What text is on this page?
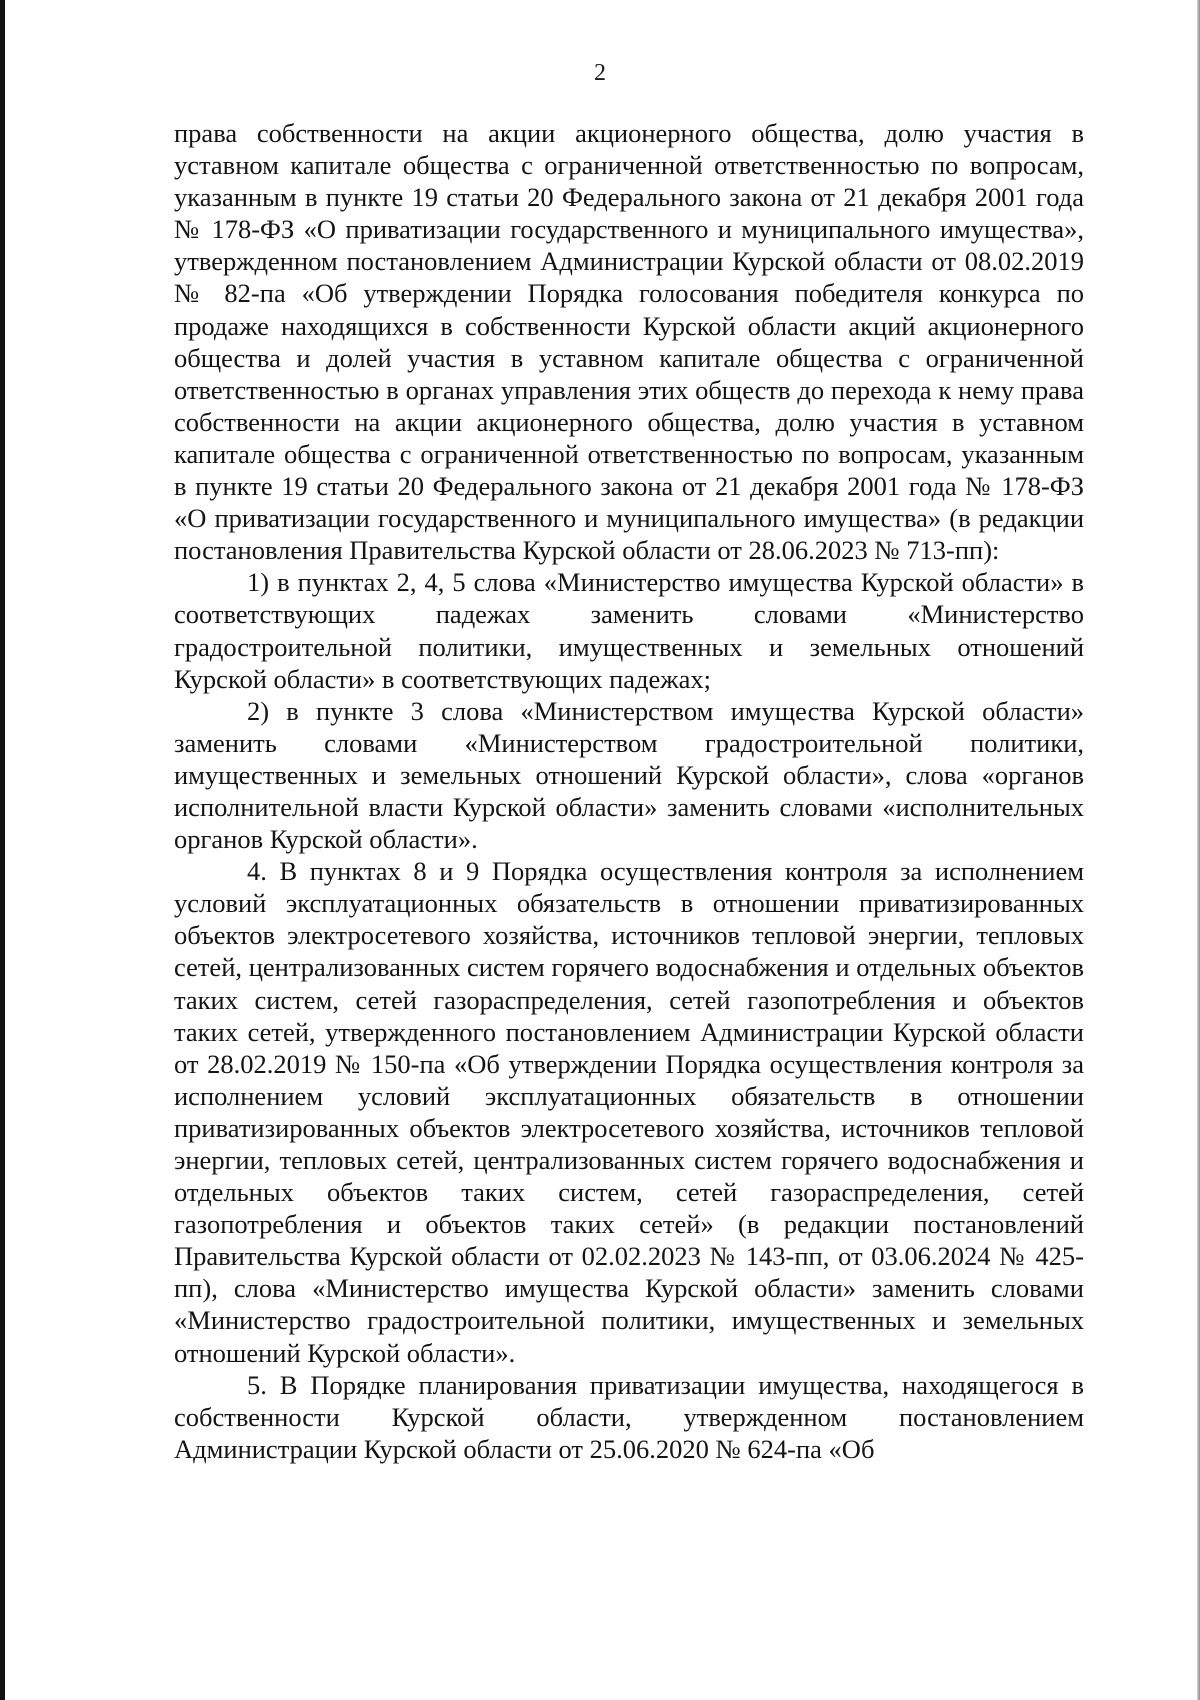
2

права собственности на акции акционерного общества, долю участия в уставном капитале общества с ограниченной ответственностью по вопросам, указанным в пункте 19 статьи 20 Федерального закона от 21 декабря 2001 года № 178-ФЗ «О приватизации государственного и муниципального имущества», утвержденном постановлением Администрации Курской области от 08.02.2019 № 82-па «Об утверждении Порядка голосования победителя конкурса по продаже находящихся в собственности Курской области акций акционерного общества и долей участия в уставном капитале общества с ограниченной ответственностью в органах управления этих обществ до перехода к нему права собственности на акции акционерного общества, долю участия в уставном капитале общества с ограниченной ответственностью по вопросам, указанным в пункте 19 статьи 20 Федерального закона от 21 декабря 2001 года № 178-ФЗ «О приватизации государственного и муниципального имущества» (в редакции постановления Правительства Курской области от 28.06.2023 № 713-пп):

1) в пунктах 2, 4, 5 слова «Министерство имущества Курской области» в соответствующих падежах заменить словами «Министерство градостроительной политики, имущественных и земельных отношений Курской области» в соответствующих падежах;

2) в пункте 3 слова «Министерством имущества Курской области» заменить словами «Министерством градостроительной политики, имущественных и земельных отношений Курской области», слова «органов исполнительной власти Курской области» заменить словами «исполнительных органов Курской области».

4. В пунктах 8 и 9 Порядка осуществления контроля за исполнением условий эксплуатационных обязательств в отношении приватизированных объектов электросетевого хозяйства, источников тепловой энергии, тепловых сетей, централизованных систем горячего водоснабжения и отдельных объектов таких систем, сетей газораспределения, сетей газопотребления и объектов таких сетей, утвержденного постановлением Администрации Курской области от 28.02.2019 № 150-па «Об утверждении Порядка осуществления контроля за исполнением условий эксплуатационных обязательств в отношении приватизированных объектов электросетевого хозяйства, источников тепловой энергии, тепловых сетей, централизованных систем горячего водоснабжения и отдельных объектов таких систем, сетей газораспределения, сетей газопотребления и объектов таких сетей» (в редакции постановлений Правительства Курской области от 02.02.2023 № 143-пп, от 03.06.2024 № 425-пп), слова «Министерство имущества Курской области» заменить словами «Министерство градостроительной политики, имущественных и земельных отношений Курской области».

5. В Порядке планирования приватизации имущества, находящегося в собственности Курской области, утвержденном постановлением Администрации Курской области от 25.06.2020 № 624-па «Об
